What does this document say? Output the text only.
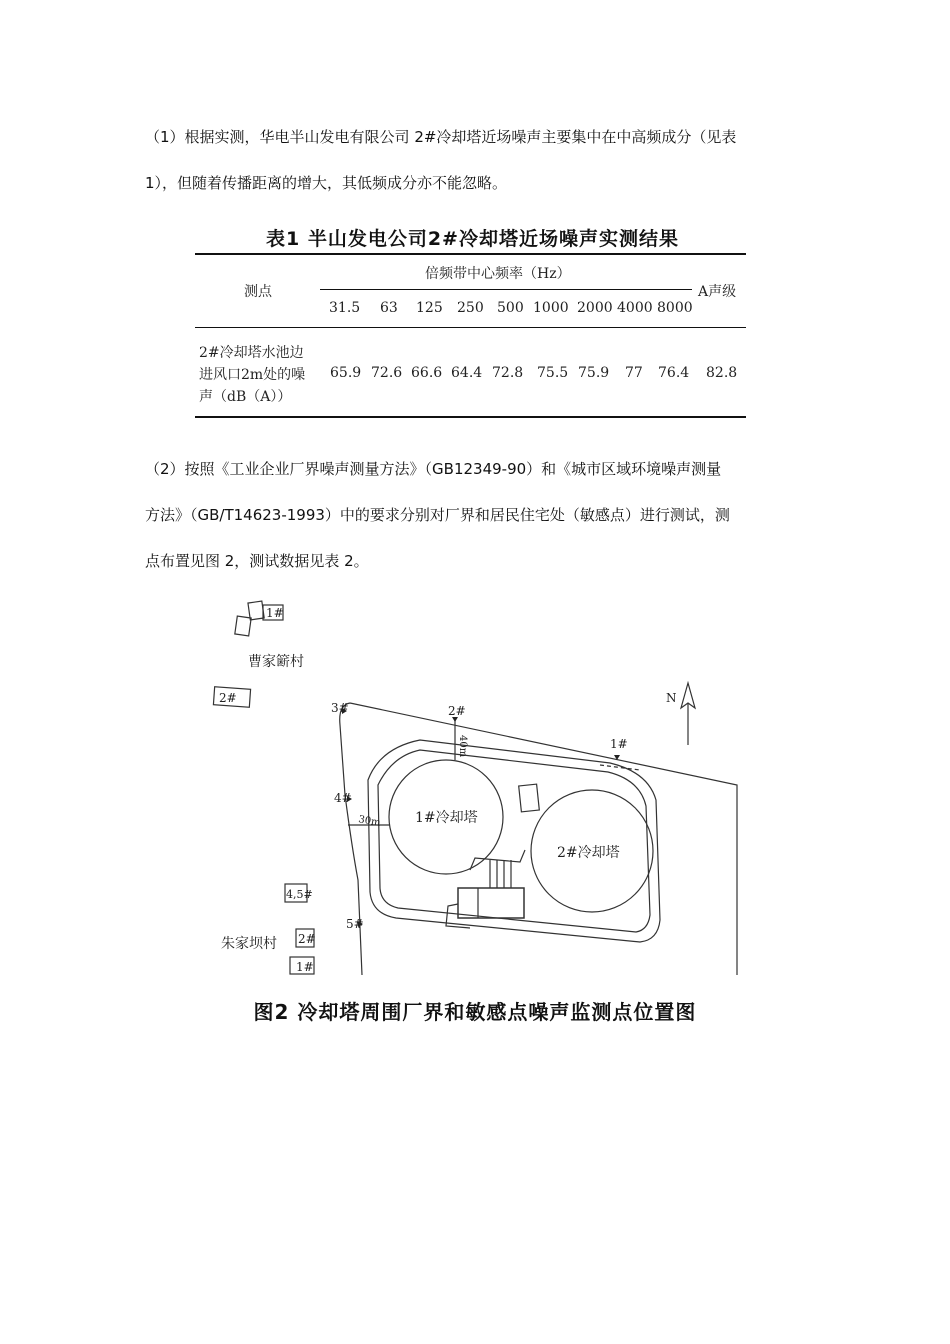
（1）根据实测，华电半山发电有限公司 2#冷却塔近场噪声主要集中在中高频成分（见表
1），但随着传播距离的增大，其低频成分亦不能忽略。
表1 半山发电公司2#冷却塔近场噪声实测结果
测点
倍频带中心频率（Hz）
A声级
31.5 63 125 250 500 1000 2000 4000 8000
2#冷却塔水池边
进风口2m处的噪
声（dB（A））
65.9 72.6 66.6 64.4 72.8 75.5 75.9 77 76.4 82.8
（2）按照《工业企业厂界噪声测量方法》（GB12349-90）和《城市区域环境噪声测量
方法》（GB/T14623-1993）中的要求分别对厂界和居民住宅处（敏感点）进行测试，测
点布置见图 2，测试数据见表 2。
1#
2#
曹家簖村
3#	2#
1#
4#
5#
N
40m
30m 1#冷却塔
2#冷却塔
4,5#
朱家坝村 2#
1#
图2 冷却塔周围厂界和敏感点噪声监测点位置图
